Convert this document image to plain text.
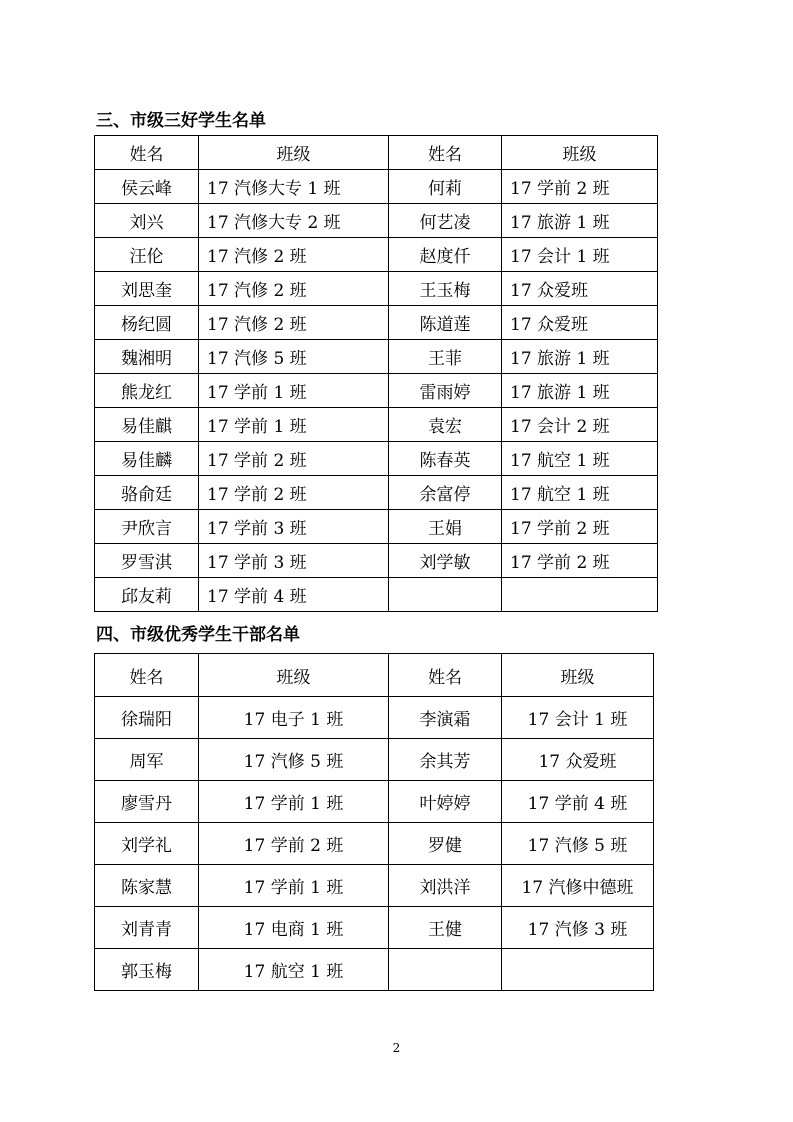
三、市级三好学生名单
姓名	班级	姓名	班级
侯云峰	17 汽修大专 1 班	何莉	17 学前 2 班
刘兴	17 汽修大专 2 班	何艺凌	17 旅游 1 班
汪伦	17 汽修 2 班	赵度仟	17 会计 1 班
刘思奎	17 汽修 2 班	王玉梅	17 众爱班
杨纪圆	17 汽修 2 班	陈道莲	17 众爱班
魏湘明	17 汽修 5 班	王菲	17 旅游 1 班
熊龙红	17 学前 1 班	雷雨婷	17 旅游 1 班
易佳麒	17 学前 1 班	袁宏	17 会计 2 班
易佳麟	17 学前 2 班	陈春英	17 航空 1 班
骆俞廷	17 学前 2 班	余富停	17 航空 1 班
尹欣言	17 学前 3 班	王娟	17 学前 2 班
罗雪淇	17 学前 3 班	刘学敏	17 学前 2 班
邱友莉	17 学前 4 班		
四、市级优秀学生干部名单
姓名	班级	姓名	班级
徐瑞阳	17 电子 1 班	李演霜	17 会计 1 班
周军	17 汽修 5 班	余其芳	17 众爱班
廖雪丹	17 学前 1 班	叶婷婷	17 学前 4 班
刘学礼	17 学前 2 班	罗健	17 汽修 5 班
陈家慧	17 学前 1 班	刘洪洋	17 汽修中德班
刘青青	17 电商 1 班	王健	17 汽修 3 班
郭玉梅	17 航空 1 班		
2
